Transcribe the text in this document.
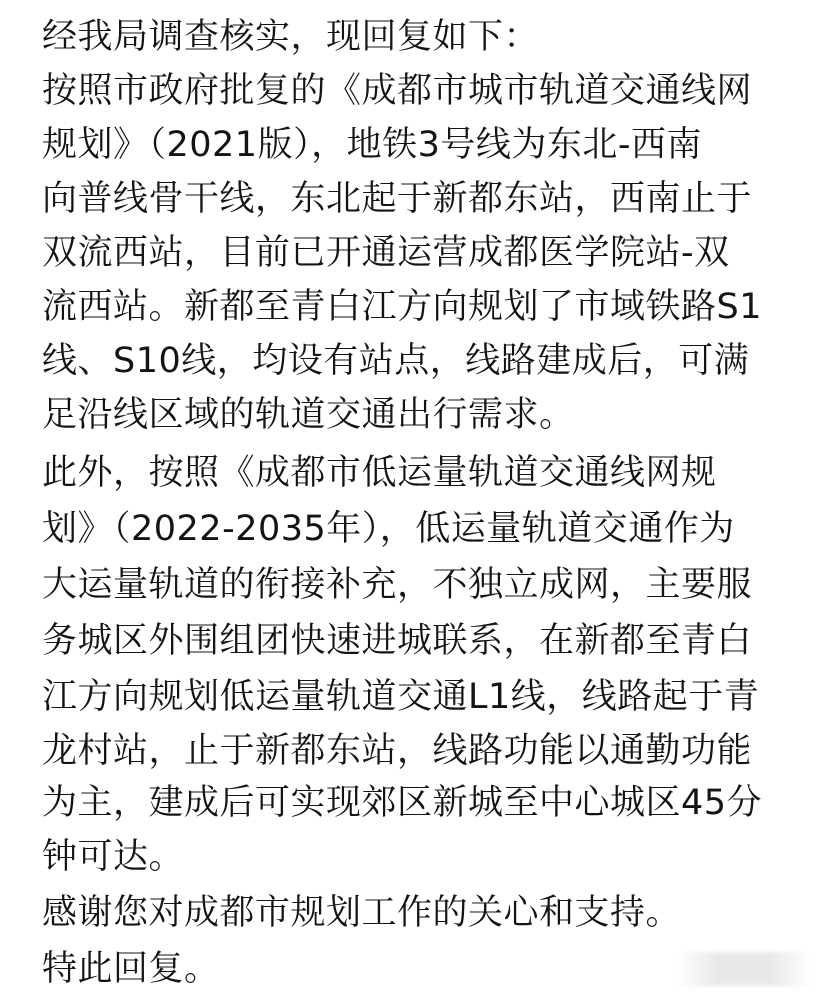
经我局调查核实，现回复如下：
按照市政府批复的《成都市城市轨道交通线网
规划》（2021版），地铁3号线为东北-西南
向普线骨干线，东北起于新都东站，西南止于
双流西站，目前已开通运营成都医学院站-双
流西站。新都至青白江方向规划了市域铁路S1
线、S10线，均设有站点，线路建成后，可满
足沿线区域的轨道交通出行需求。
此外，按照《成都市低运量轨道交通线网规
划》（2022-2035年），低运量轨道交通作为
大运量轨道的衔接补充，不独立成网，主要服
务城区外围组团快速进城联系，在新都至青白
江方向规划低运量轨道交通L1线，线路起于青
龙村站，止于新都东站，线路功能以通勤功能
为主，建成后可实现郊区新城至中心城区45分
钟可达。
感谢您对成都市规划工作的关心和支持。
特此回复。
